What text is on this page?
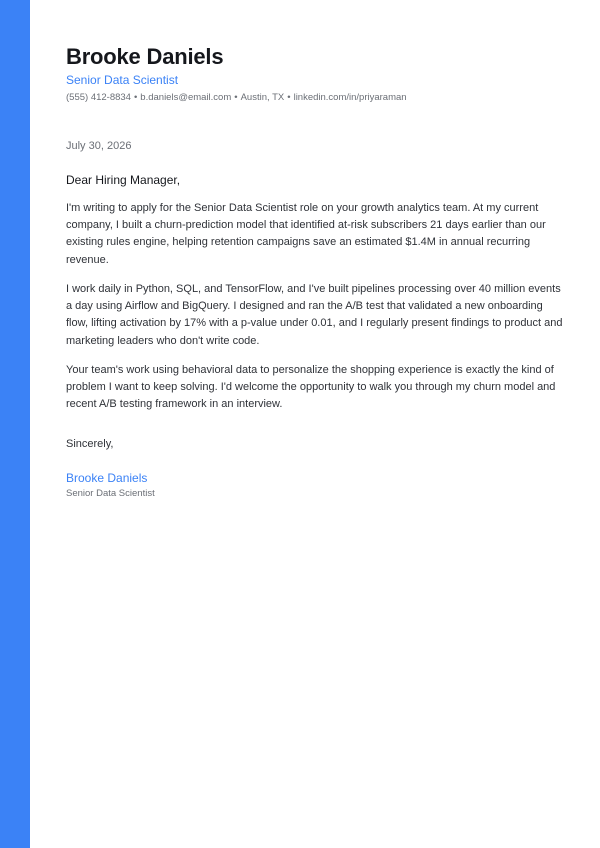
Brooke Daniels
Senior Data Scientist
(555) 412-8834 • b.daniels@email.com • Austin, TX • linkedin.com/in/priyaraman
July 30, 2026
Dear Hiring Manager,

I'm writing to apply for the Senior Data Scientist role on your growth analytics team. At my current company, I built a churn-prediction model that identified at-risk subscribers 21 days earlier than our existing rules engine, helping retention campaigns save an estimated $1.4M in annual recurring revenue.

I work daily in Python, SQL, and TensorFlow, and I've built pipelines processing over 40 million events a day using Airflow and BigQuery. I designed and ran the A/B test that validated a new onboarding flow, lifting activation by 17% with a p-value under 0.01, and I regularly present findings to product and marketing leaders who don't write code.

Your team's work using behavioral data to personalize the shopping experience is exactly the kind of problem I want to keep solving. I'd welcome the opportunity to walk you through my churn model and recent A/B testing framework in an interview.

Sincerely,
Brooke Daniels
Senior Data Scientist
